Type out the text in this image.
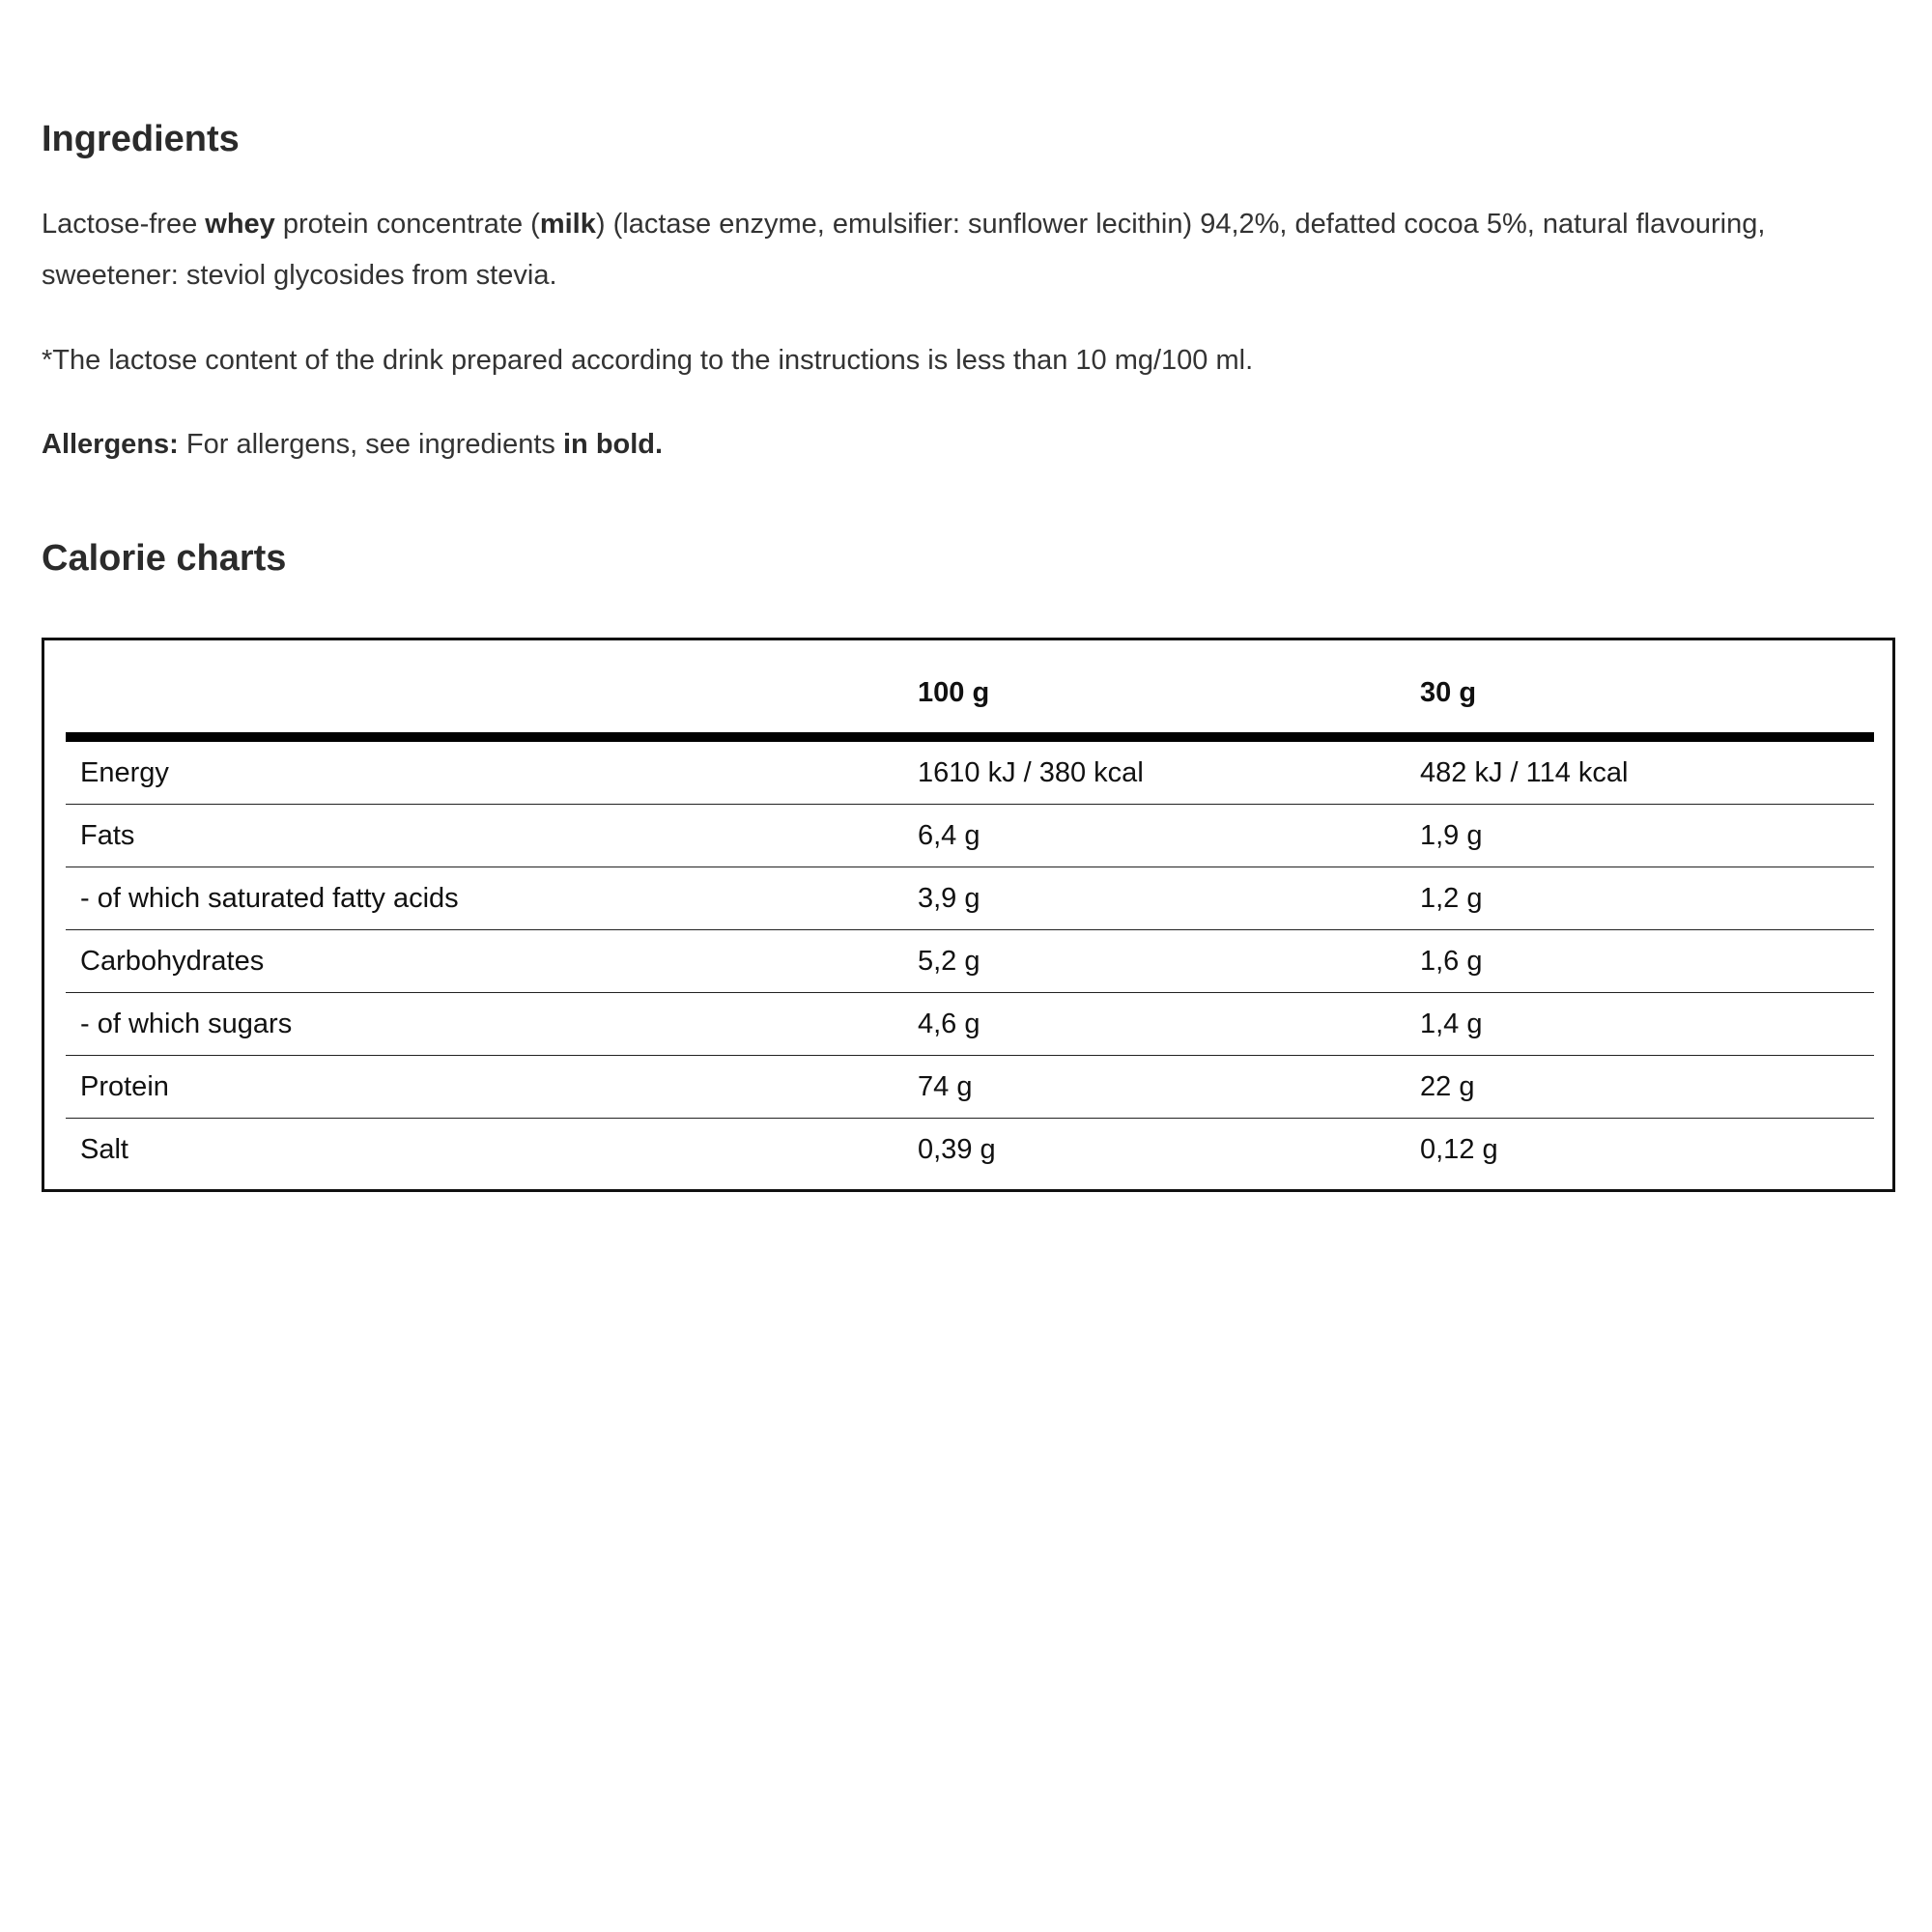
Ingredients

Lactose-free whey protein concentrate (milk) (lactase enzyme, emulsifier: sunflower lecithin) 94,2%, defatted cocoa 5%, natural flavouring, sweetener: steviol glycosides from stevia.

*The lactose content of the drink prepared according to the instructions is less than 10 mg/100 ml.

Allergens: For allergens, see ingredients in bold.

Calorie charts
	100 g	30 g
Energy	1610 kJ / 380 kcal	482 kJ / 114 kcal
Fats	6,4 g	1,9 g
- of which saturated fatty acids	3,9 g	1,2 g
Carbohydrates	5,2 g	1,6 g
- of which sugars	4,6 g	1,4 g
Protein	74 g	22 g
Salt	0,39 g	0,12 g
